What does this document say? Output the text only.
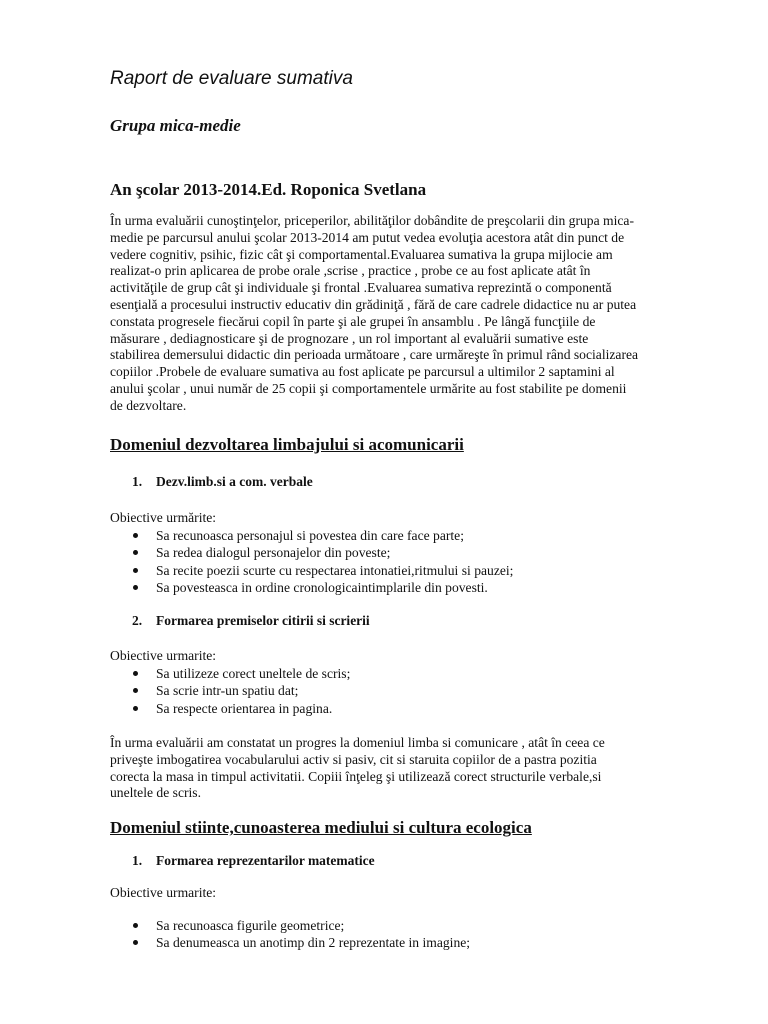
Raport de evaluare sumativa
Grupa mica-medie
An şcolar 2013-2014.Ed. Roponica Svetlana
În urma evaluării cunoştinţelor, priceperilor, abilităţilor dobândite de preşcolarii din grupa mica-
medie pe parcursul anului şcolar 2013-2014 am putut vedea evoluţia acestora atât din punct de
vedere cognitiv, psihic, fizic cât şi comportamental.Evaluarea sumativa la grupa mijlocie am
realizat-o prin aplicarea de probe orale ,scrise , practice , probe ce au fost aplicate atât în
activităţile de grup cât şi individuale şi frontal .Evaluarea sumativa reprezintă o componentă
esenţială a procesului instructiv educativ din grădiniţă , fără de care cadrele didactice nu ar putea
constata progresele fiecărui copil în parte şi ale grupei în ansamblu . Pe lângă funcţiile de
măsurare , dediagnosticare şi de prognozare , un rol important al evaluării sumative este
stabilirea demersului didactic din perioada următoare , care urmăreşte în primul rând socializarea
copiilor .Probele de evaluare sumativa au fost aplicate pe parcursul a ultimilor 2 saptamini al
anului şcolar , unui număr de 25 copii şi comportamentele urmărite au fost stabilite pe domenii
de dezvoltare.
Domeniul dezvoltarea limbajului si acomunicarii
1. Dezv.limb.si a com. verbale
Obiective urmărite:
Sa recunoasca personajul si povestea din care face parte;
Sa redea dialogul personajelor din poveste;
Sa recite poezii scurte cu respectarea intonatiei,ritmului si pauzei;
Sa povesteasca in ordine cronologicaintimplarile din povesti.
2. Formarea premiselor citirii si scrierii
Obiective urmarite:
Sa utilizeze corect uneltele de scris;
Sa scrie intr-un spatiu dat;
Sa respecte orientarea in pagina.
În urma evaluării am constatat un progres la domeniul limba si comunicare , atât în ceea ce
priveşte imbogatirea vocabularului activ si pasiv, cit si staruita copiilor de a pastra pozitia
corecta la masa in timpul activitatii. Copiii înţeleg şi utilizează corect structurile verbale,si
uneltele de scris.
Domeniul stiinte,cunoasterea mediului si cultura ecologica
1. Formarea reprezentarilor matematice
Obiective urmarite:
Sa recunoasca figurile geometrice;
Sa denumeasca un anotimp din 2 reprezentate in imagine;
